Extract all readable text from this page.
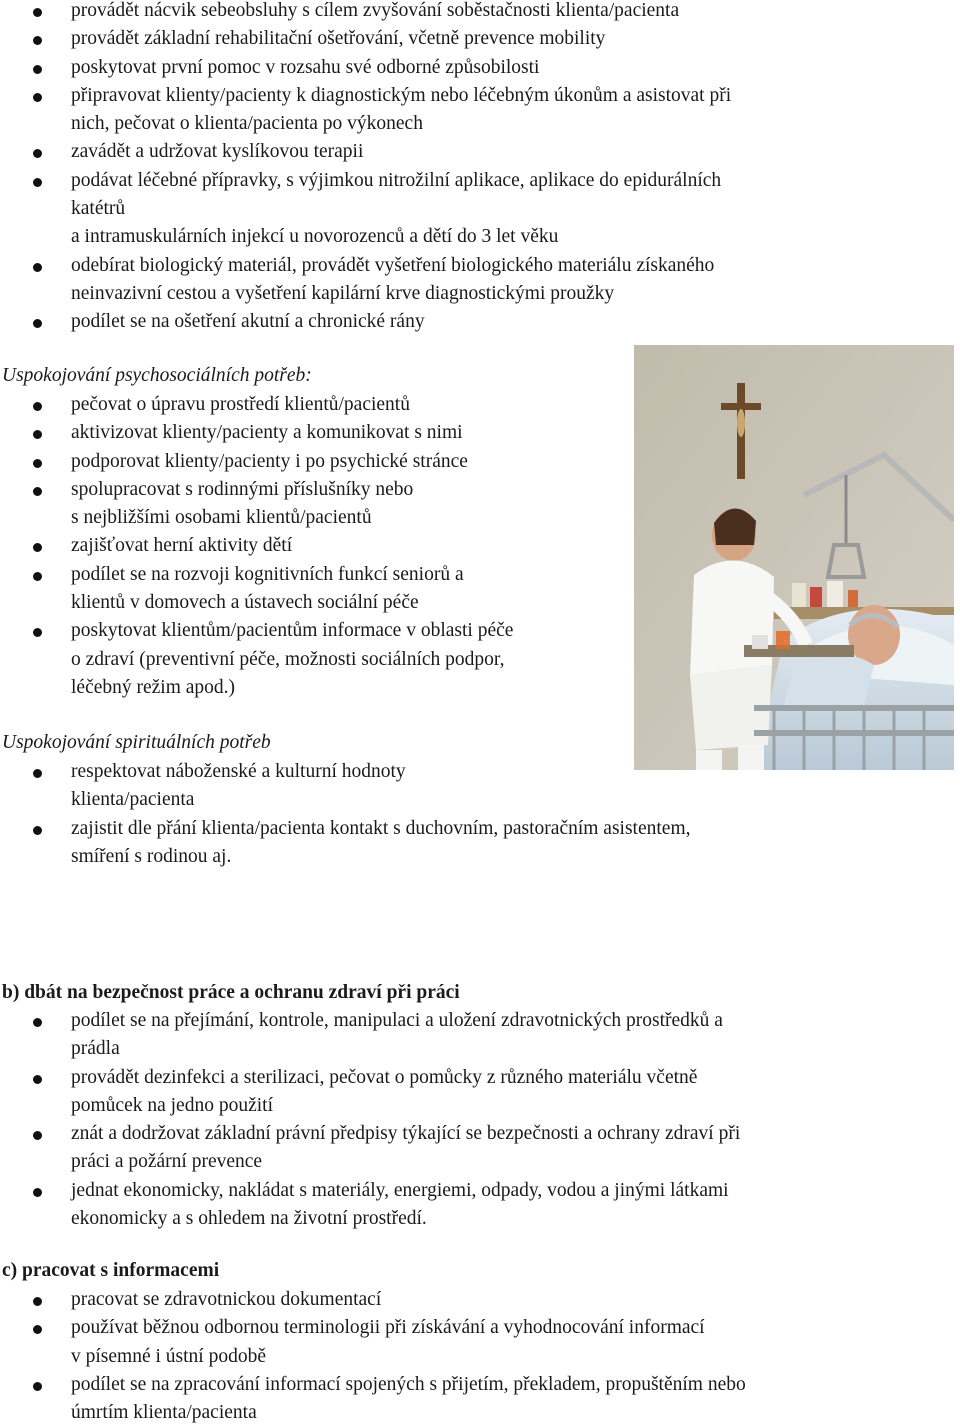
provádět nácvik sebeobsluhy s cílem zvyšování soběstačnosti klienta/pacienta
provádět základní rehabilitační ošetřování, včetně prevence mobility
poskytovat první pomoc v rozsahu své odborné způsobilosti
připravovat klienty/pacienty k diagnostickým nebo léčebným úkonům a asistovat při
nich, pečovat o klienta/pacienta po výkonech
zavádět a udržovat kyslíkovou terapii
podávat léčebné přípravky, s výjimkou nitrožilní aplikace, aplikace do epidurálních
katétrů
a intramuskulárních injekcí u novorozenců a dětí do 3 let věku
odebírat biologický materiál, provádět vyšetření biologického materiálu získaného
neinvazivní cestou a vyšetření kapilární krve diagnostickými proužky
podílet se na ošetření akutní a chronické rány
Uspokojování psychosociálních potřeb:
pečovat o úpravu prostředí klientů/pacientů
aktivizovat klienty/pacienty a komunikovat s nimi
podporovat klienty/pacienty i po psychické stránce
spolupracovat s rodinnými příslušníky nebo
s nejbližšími osobami klientů/pacientů
zajišťovat herní aktivity dětí
podílet se na rozvoji kognitivních funkcí seniorů a
klientů v domovech a ústavech sociální péče
poskytovat klientům/pacientům informace v oblasti péče
o zdraví (preventivní péče, možnosti sociálních podpor,
léčebný režim apod.)
Uspokojování spirituálních potřeb
respektovat náboženské a kulturní hodnoty
klienta/pacienta
zajistit dle přání klienta/pacienta kontakt s duchovním, pastoračním asistentem,
smíření s rodinou aj.
b) dbát na bezpečnost práce a ochranu zdraví při práci
podílet se na přejímání, kontrole, manipulaci a uložení zdravotnických prostředků a
prádla
provádět dezinfekci a sterilizaci, pečovat o pomůcky z různého materiálu včetně
pomůcek na jedno použití
znát a dodržovat základní právní předpisy týkající se bezpečnosti a ochrany zdraví při
práci a požární prevence
jednat ekonomicky, nakládat s materiály, energiemi, odpady, vodou a jinými látkami
ekonomicky a s ohledem na životní prostředí.
c) pracovat s informacemi
pracovat se zdravotnickou dokumentací
používat běžnou odbornou terminologii při získávání a vyhodnocování informací
v písemné i ústní podobě
podílet se na zpracování informací spojených s přijetím, překladem, propuštěním nebo
úmrtím klienta/pacienta
